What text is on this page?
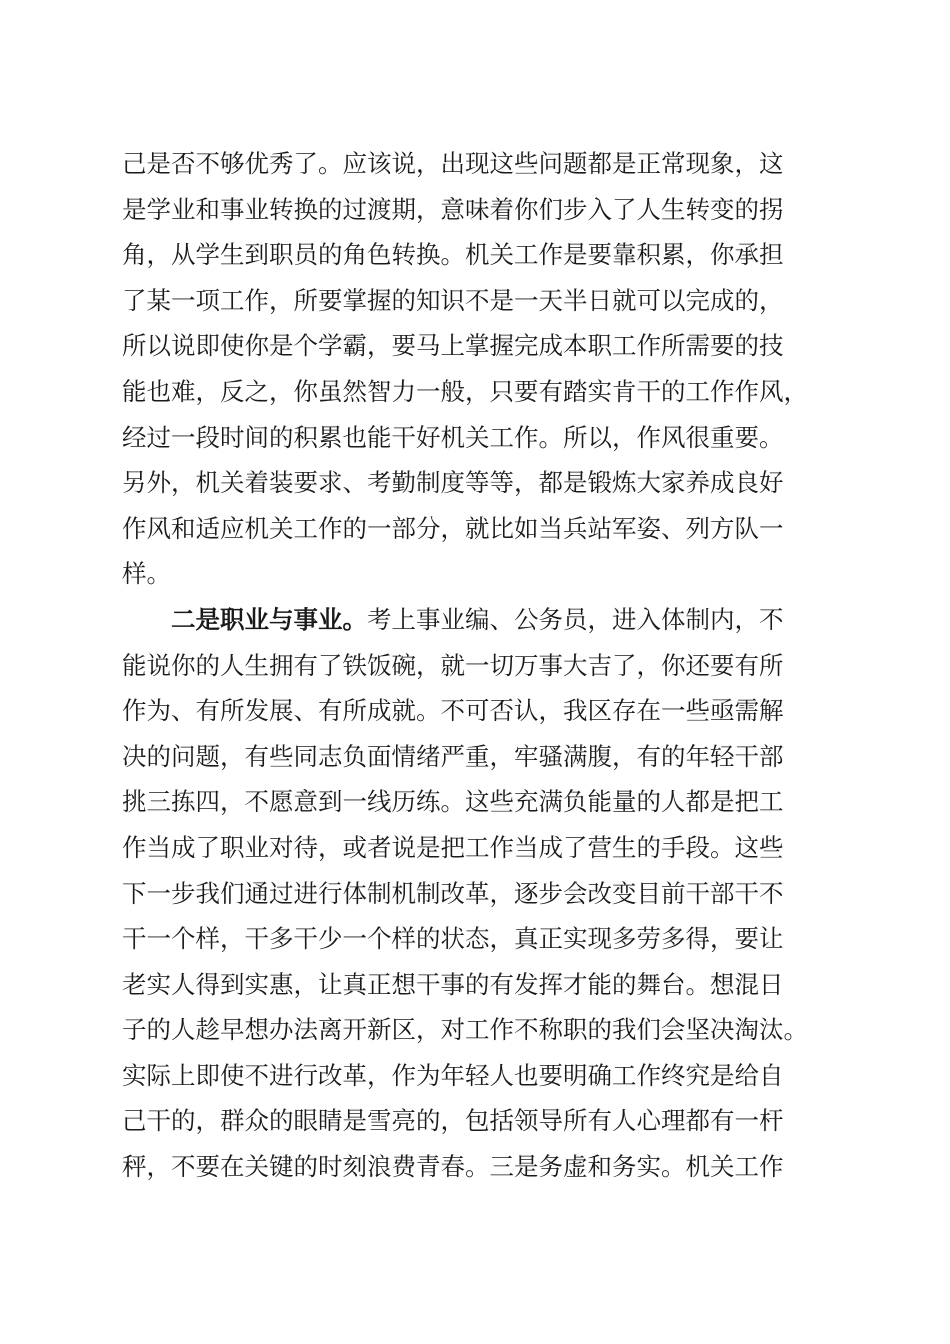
己是否不够优秀了。应该说，出现这些问题都是正常现象，这
是学业和事业转换的过渡期，意味着你们步入了人生转变的拐
角，从学生到职员的角色转换。机关工作是要靠积累，你承担
了某一项工作，所要掌握的知识不是一天半日就可以完成的，
所以说即使你是个学霸，要马上掌握完成本职工作所需要的技
能也难，反之，你虽然智力一般，只要有踏实肯干的工作作风，
经过一段时间的积累也能干好机关工作。所以，作风很重要。
另外，机关着装要求、考勤制度等等，都是锻炼大家养成良好
作风和适应机关工作的一部分，就比如当兵站军姿、列方队一
样。
二是职业与事业。考上事业编、公务员，进入体制内，不
能说你的人生拥有了铁饭碗，就一切万事大吉了，你还要有所
作为、有所发展、有所成就。不可否认，我区存在一些亟需解
决的问题，有些同志负面情绪严重，牢骚满腹，有的年轻干部
挑三拣四，不愿意到一线历练。这些充满负能量的人都是把工
作当成了职业对待，或者说是把工作当成了营生的手段。这些
下一步我们通过进行体制机制改革，逐步会改变目前干部干不
干一个样，干多干少一个样的状态，真正实现多劳多得，要让
老实人得到实惠，让真正想干事的有发挥才能的舞台。想混日
子的人趁早想办法离开新区，对工作不称职的我们会坚决淘汰。
实际上即使不进行改革，作为年轻人也要明确工作终究是给自
己干的，群众的眼睛是雪亮的，包括领导所有人心理都有一杆
秤，不要在关键的时刻浪费青春。三是务虚和务实。机关工作
